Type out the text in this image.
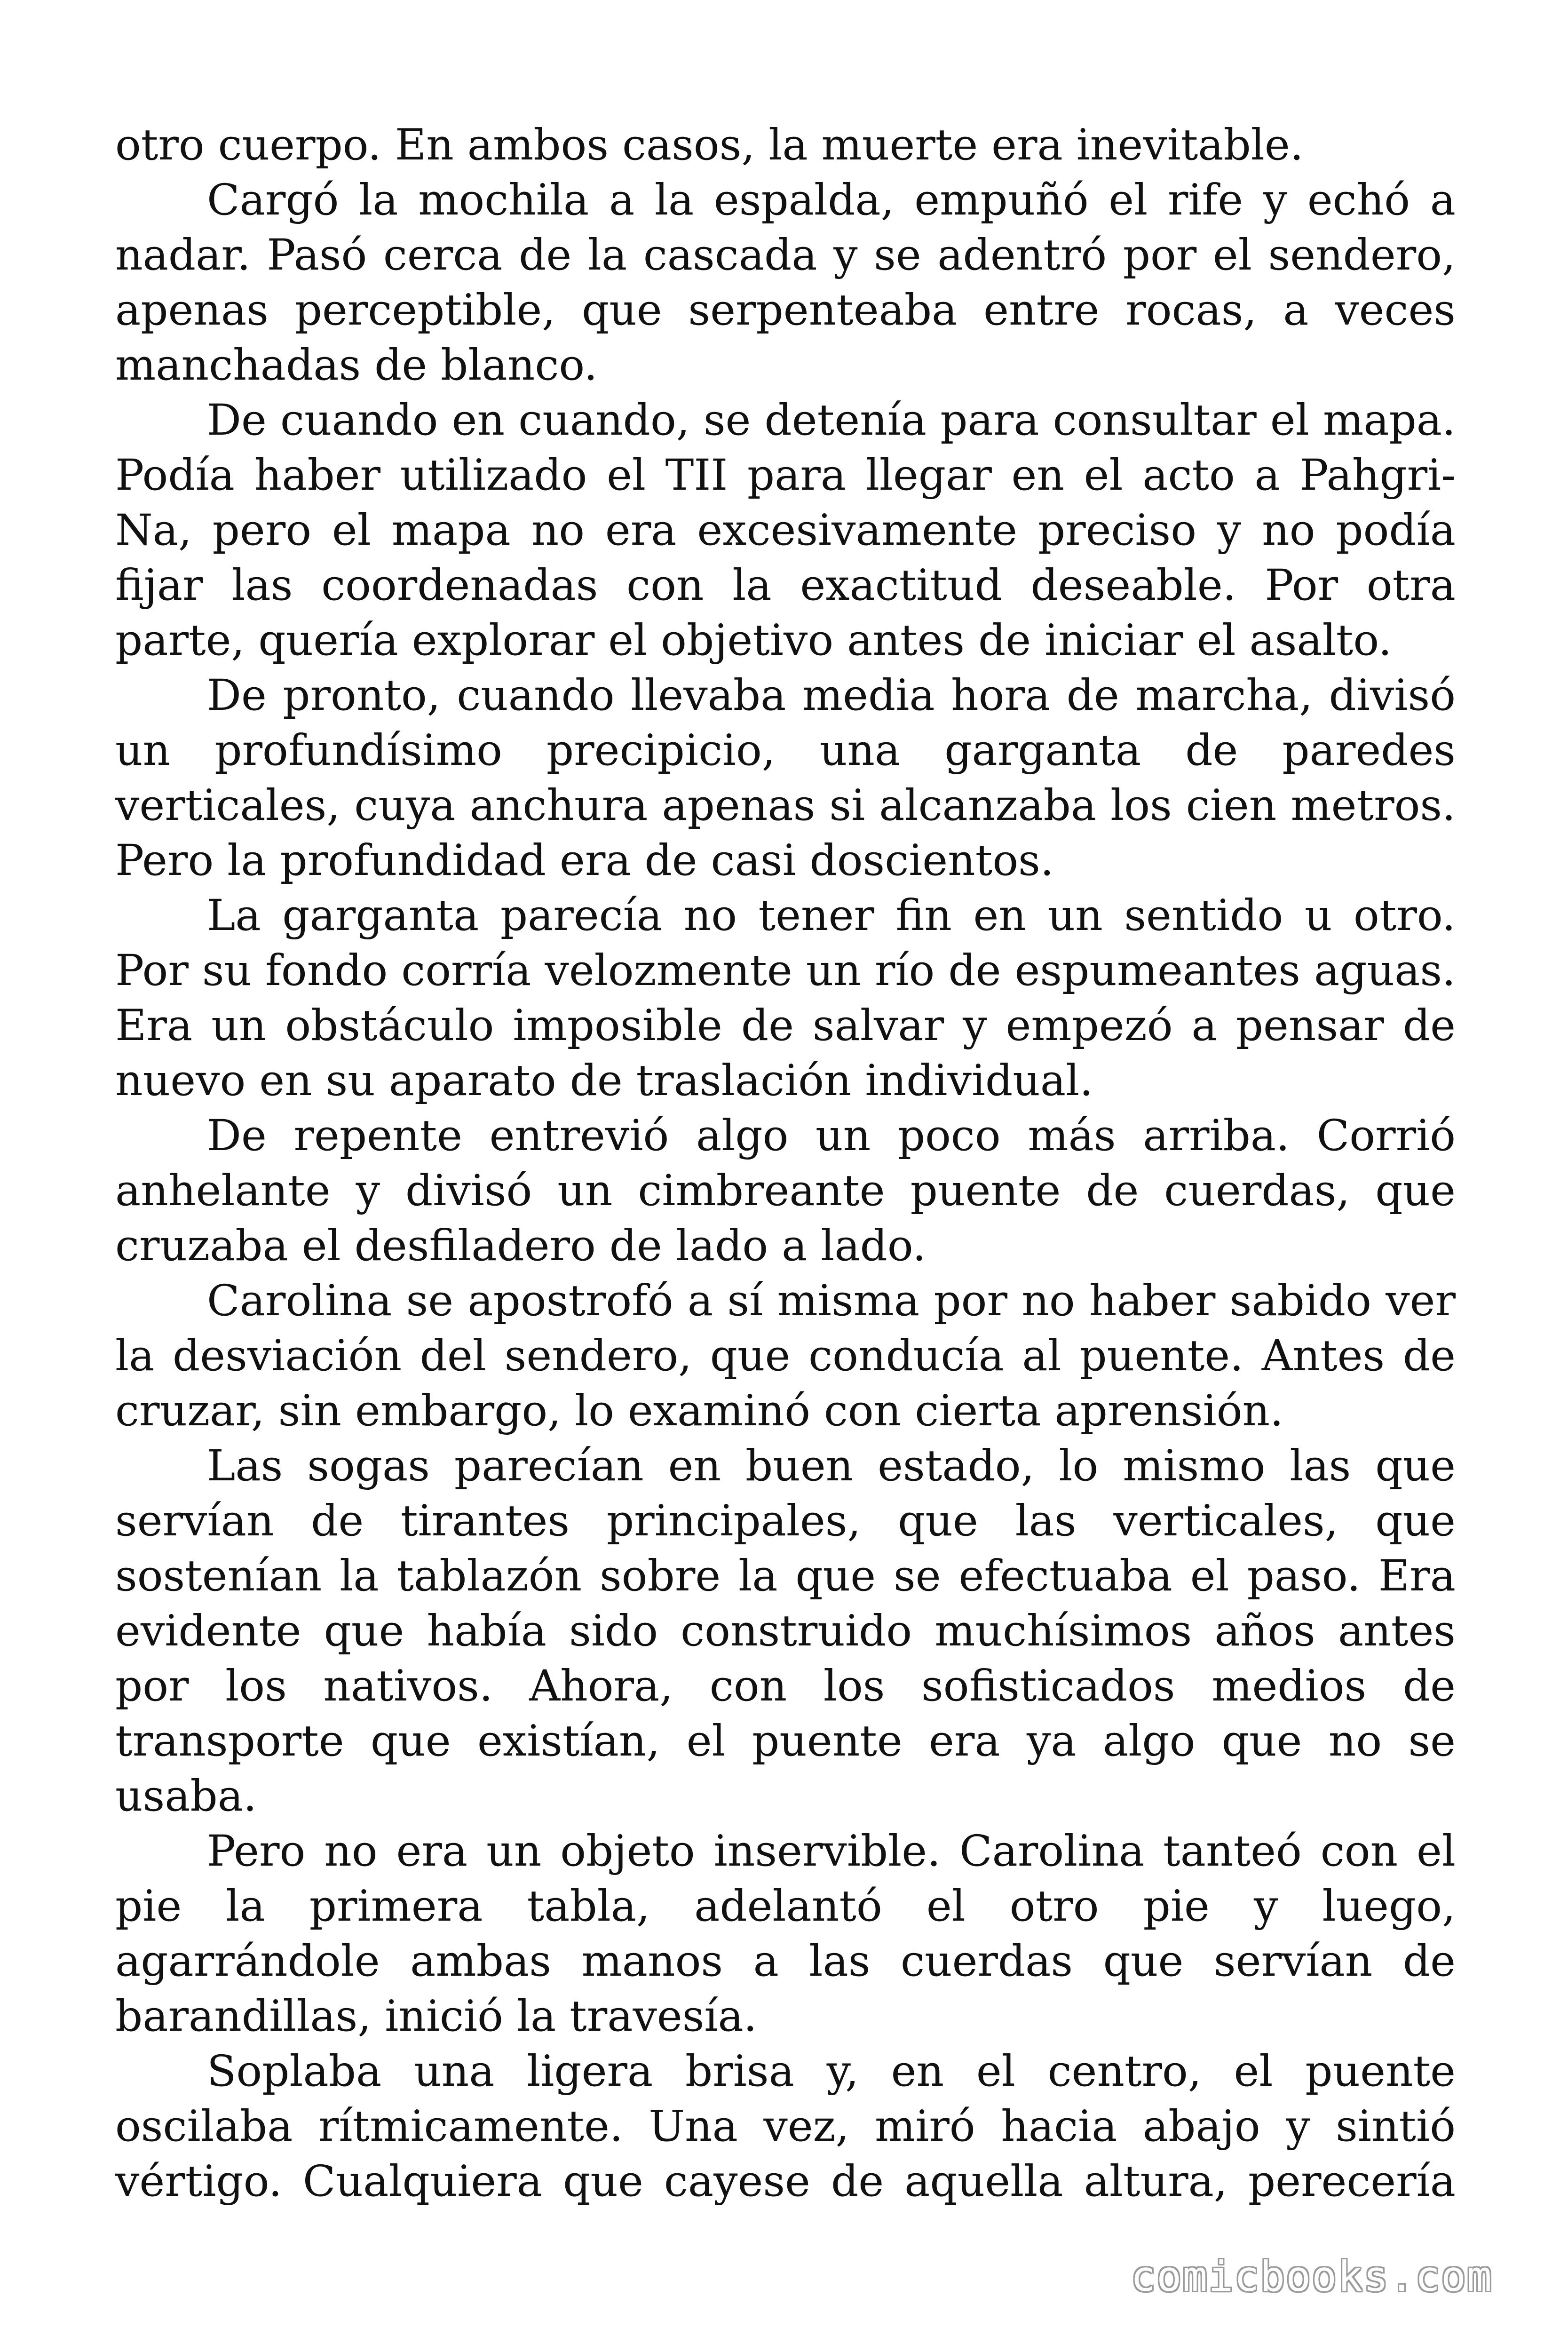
otro cuerpo. En ambos casos, la muerte era inevitable.

Cargó la mochila a la espalda, empuñó el rife y echó a nadar. Pasó cerca de la cascada y se adentró por el sendero, apenas perceptible, que serpenteaba entre rocas, a veces manchadas de blanco.

De cuando en cuando, se detenía para consultar el mapa. Podía haber utilizado el TII para llegar en el acto a Pahgri-Na, pero el mapa no era excesivamente preciso y no podía fijar las coordenadas con la exactitud deseable. Por otra parte, quería explorar el objetivo antes de iniciar el asalto.

De pronto, cuando llevaba media hora de marcha, divisó un profundísimo precipicio, una garganta de paredes verticales, cuya anchura apenas si alcanzaba los cien metros. Pero la profundidad era de casi doscientos.

La garganta parecía no tener fin en un sentido u otro. Por su fondo corría velozmente un río de espumeantes aguas. Era un obstáculo imposible de salvar y empezó a pensar de nuevo en su aparato de traslación individual.

De repente entrevió algo un poco más arriba. Corrió anhelante y divisó un cimbreante puente de cuerdas, que cruzaba el desfiladero de lado a lado.

Carolina se apostrofó a sí misma por no haber sabido ver la desviación del sendero, que conducía al puente. Antes de cruzar, sin embargo, lo examinó con cierta aprensión.

Las sogas parecían en buen estado, lo mismo las que servían de tirantes principales, que las verticales, que sostenían la tablazón sobre la que se efectuaba el paso. Era evidente que había sido construido muchísimos años antes por los nativos. Ahora, con los sofisticados medios de transporte que existían, el puente era ya algo que no se usaba.

Pero no era un objeto inservible. Carolina tanteó con el pie la primera tabla, adelantó el otro pie y luego, agarrándole ambas manos a las cuerdas que servían de barandillas, inició la travesía.

Soplaba una ligera brisa y, en el centro, el puente oscilaba rítmicamente. Una vez, miró hacia abajo y sintió vértigo. Cualquiera que cayese de aquella altura, perecería

comicbooks.com
